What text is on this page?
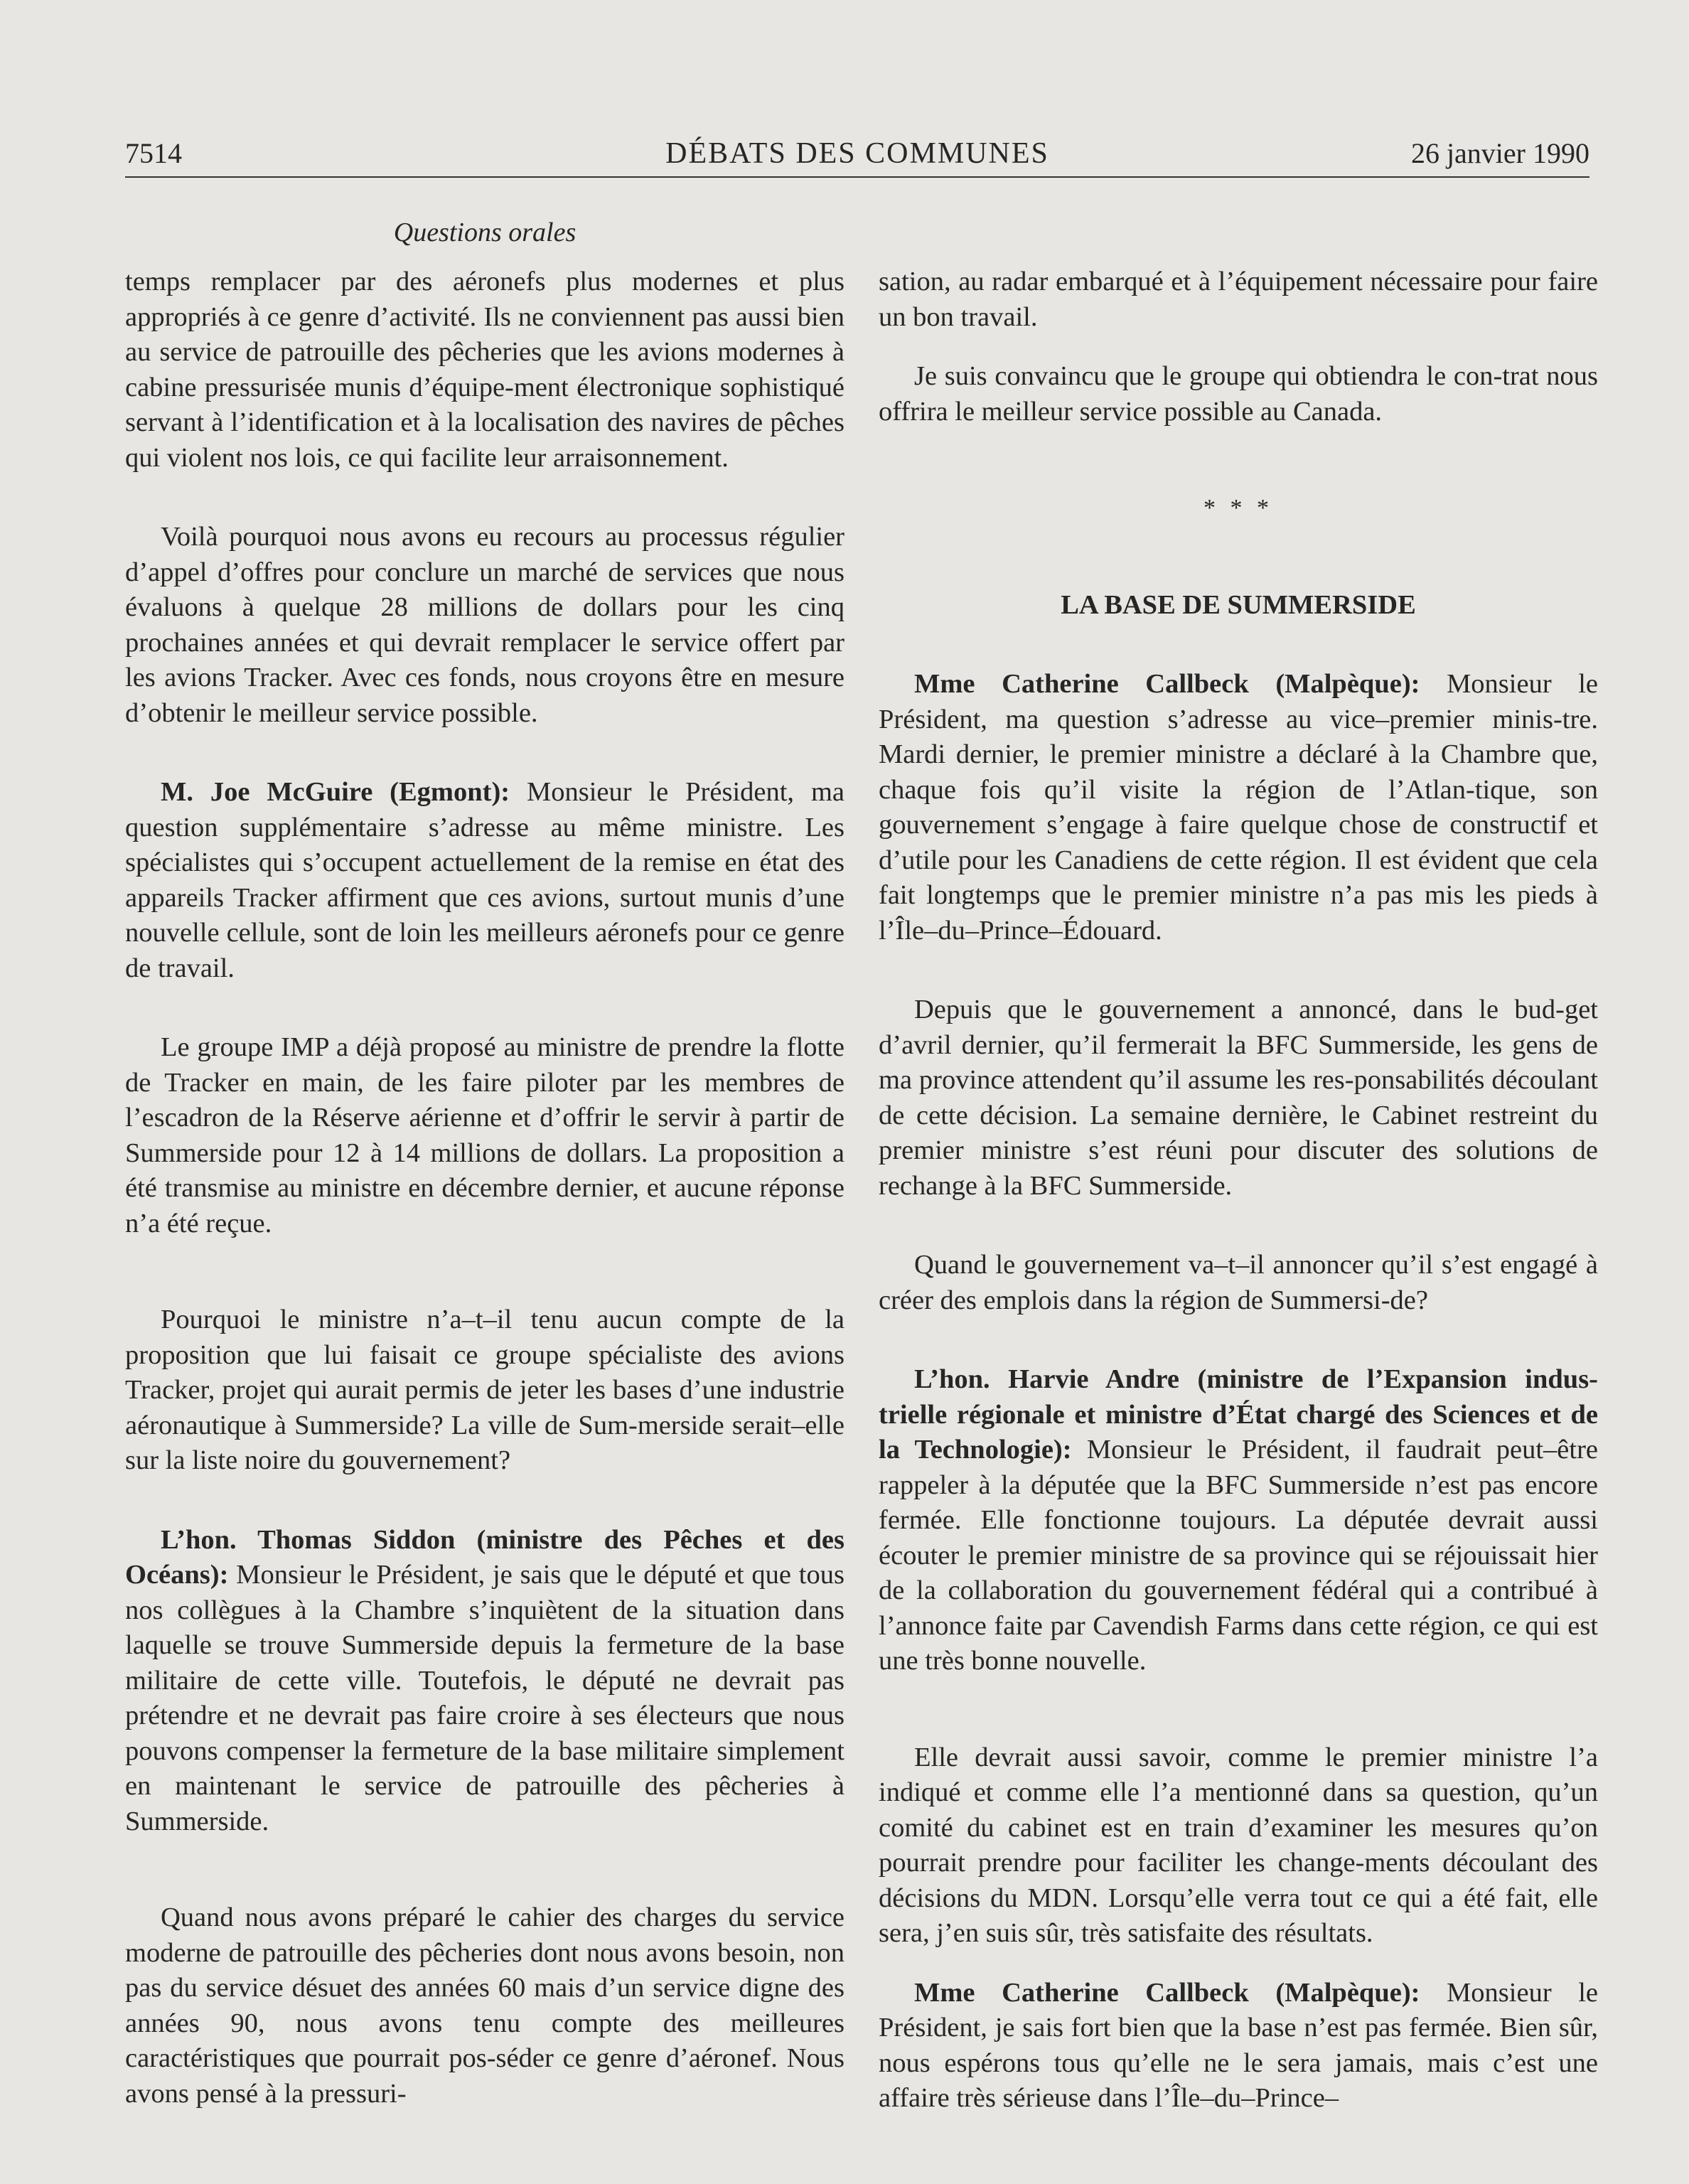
7514	DÉBATS DES COMMUNES	26 janvier 1990
Questions orales

temps remplacer par des aéronefs plus modernes et plus appropriés à ce genre d’activité. Ils ne conviennent pas aussi bien au service de patrouille des pêcheries que les avions modernes à cabine pressurisée munis d’équipe-ment électronique sophistiqué servant à l’identification et à la localisation des navires de pêches qui violent nos lois, ce qui facilite leur arraisonnement.

Voilà pourquoi nous avons eu recours au processus régulier d’appel d’offres pour conclure un marché de services que nous évaluons à quelque 28 millions de dollars pour les cinq prochaines années et qui devrait remplacer le service offert par les avions Tracker. Avec ces fonds, nous croyons être en mesure d’obtenir le meilleur service possible.

M. Joe McGuire (Egmont): Monsieur le Président, ma question supplémentaire s’adresse au même ministre. Les spécialistes qui s’occupent actuellement de la remise en état des appareils Tracker affirment que ces avions, surtout munis d’une nouvelle cellule, sont de loin les meilleurs aéronefs pour ce genre de travail.

Le groupe IMP a déjà proposé au ministre de prendre la flotte de Tracker en main, de les faire piloter par les membres de l’escadron de la Réserve aérienne et d’offrir le servir à partir de Summerside pour 12 à 14 millions de dollars. La proposition a été transmise au ministre en décembre dernier, et aucune réponse n’a été reçue.

Pourquoi le ministre n’a–t–il tenu aucun compte de la proposition que lui faisait ce groupe spécialiste des avions Tracker, projet qui aurait permis de jeter les bases d’une industrie aéronautique à Summerside? La ville de Sum-merside serait–elle sur la liste noire du gouvernement?

L’hon. Thomas Siddon (ministre des Pêches et des Océans): Monsieur le Président, je sais que le député et que tous nos collègues à la Chambre s’inquiètent de la situation dans laquelle se trouve Summerside depuis la fermeture de la base militaire de cette ville. Toutefois, le député ne devrait pas prétendre et ne devrait pas faire croire à ses électeurs que nous pouvons compenser la fermeture de la base militaire simplement en maintenant le service de patrouille des pêcheries à Summerside.

Quand nous avons préparé le cahier des charges du service moderne de patrouille des pêcheries dont nous avons besoin, non pas du service désuet des années 60 mais d’un service digne des années 90, nous avons tenu compte des meilleures caractéristiques que pourrait pos-séder ce genre d’aéronef. Nous avons pensé à la pressuri-

sation, au radar embarqué et à l’équipement nécessaire pour faire un bon travail.

Je suis convaincu que le groupe qui obtiendra le con-trat nous offrira le meilleur service possible au Canada.

* * *
LA BASE DE SUMMERSIDE

Mme Catherine Callbeck (Malpèque): Monsieur le Président, ma question s’adresse au vice–premier minis-tre. Mardi dernier, le premier ministre a déclaré à la Chambre que, chaque fois qu’il visite la région de l’Atlan-tique, son gouvernement s’engage à faire quelque chose de constructif et d’utile pour les Canadiens de cette région. Il est évident que cela fait longtemps que le premier ministre n’a pas mis les pieds à l’Île–du–Prince–Édouard.

Depuis que le gouvernement a annoncé, dans le bud-get d’avril dernier, qu’il fermerait la BFC Summerside, les gens de ma province attendent qu’il assume les res-ponsabilités découlant de cette décision. La semaine dernière, le Cabinet restreint du premier ministre s’est réuni pour discuter des solutions de rechange à la BFC Summerside.

Quand le gouvernement va–t–il annoncer qu’il s’est engagé à créer des emplois dans la région de Summersi-de?

L’hon. Harvie Andre (ministre de l’Expansion indus-trielle régionale et ministre d’État chargé des Sciences et de la Technologie): Monsieur le Président, il faudrait peut–être rappeler à la députée que la BFC Summerside n’est pas encore fermée. Elle fonctionne toujours. La députée devrait aussi écouter le premier ministre de sa province qui se réjouissait hier de la collaboration du gouvernement fédéral qui a contribué à l’annonce faite par Cavendish Farms dans cette région, ce qui est une très bonne nouvelle.

Elle devrait aussi savoir, comme le premier ministre l’a indiqué et comme elle l’a mentionné dans sa question, qu’un comité du cabinet est en train d’examiner les mesures qu’on pourrait prendre pour faciliter les change-ments découlant des décisions du MDN. Lorsqu’elle verra tout ce qui a été fait, elle sera, j’en suis sûr, très satisfaite des résultats.

Mme Catherine Callbeck (Malpèque): Monsieur le Président, je sais fort bien que la base n’est pas fermée. Bien sûr, nous espérons tous qu’elle ne le sera jamais, mais c’est une affaire très sérieuse dans l’Île–du–Prince–
